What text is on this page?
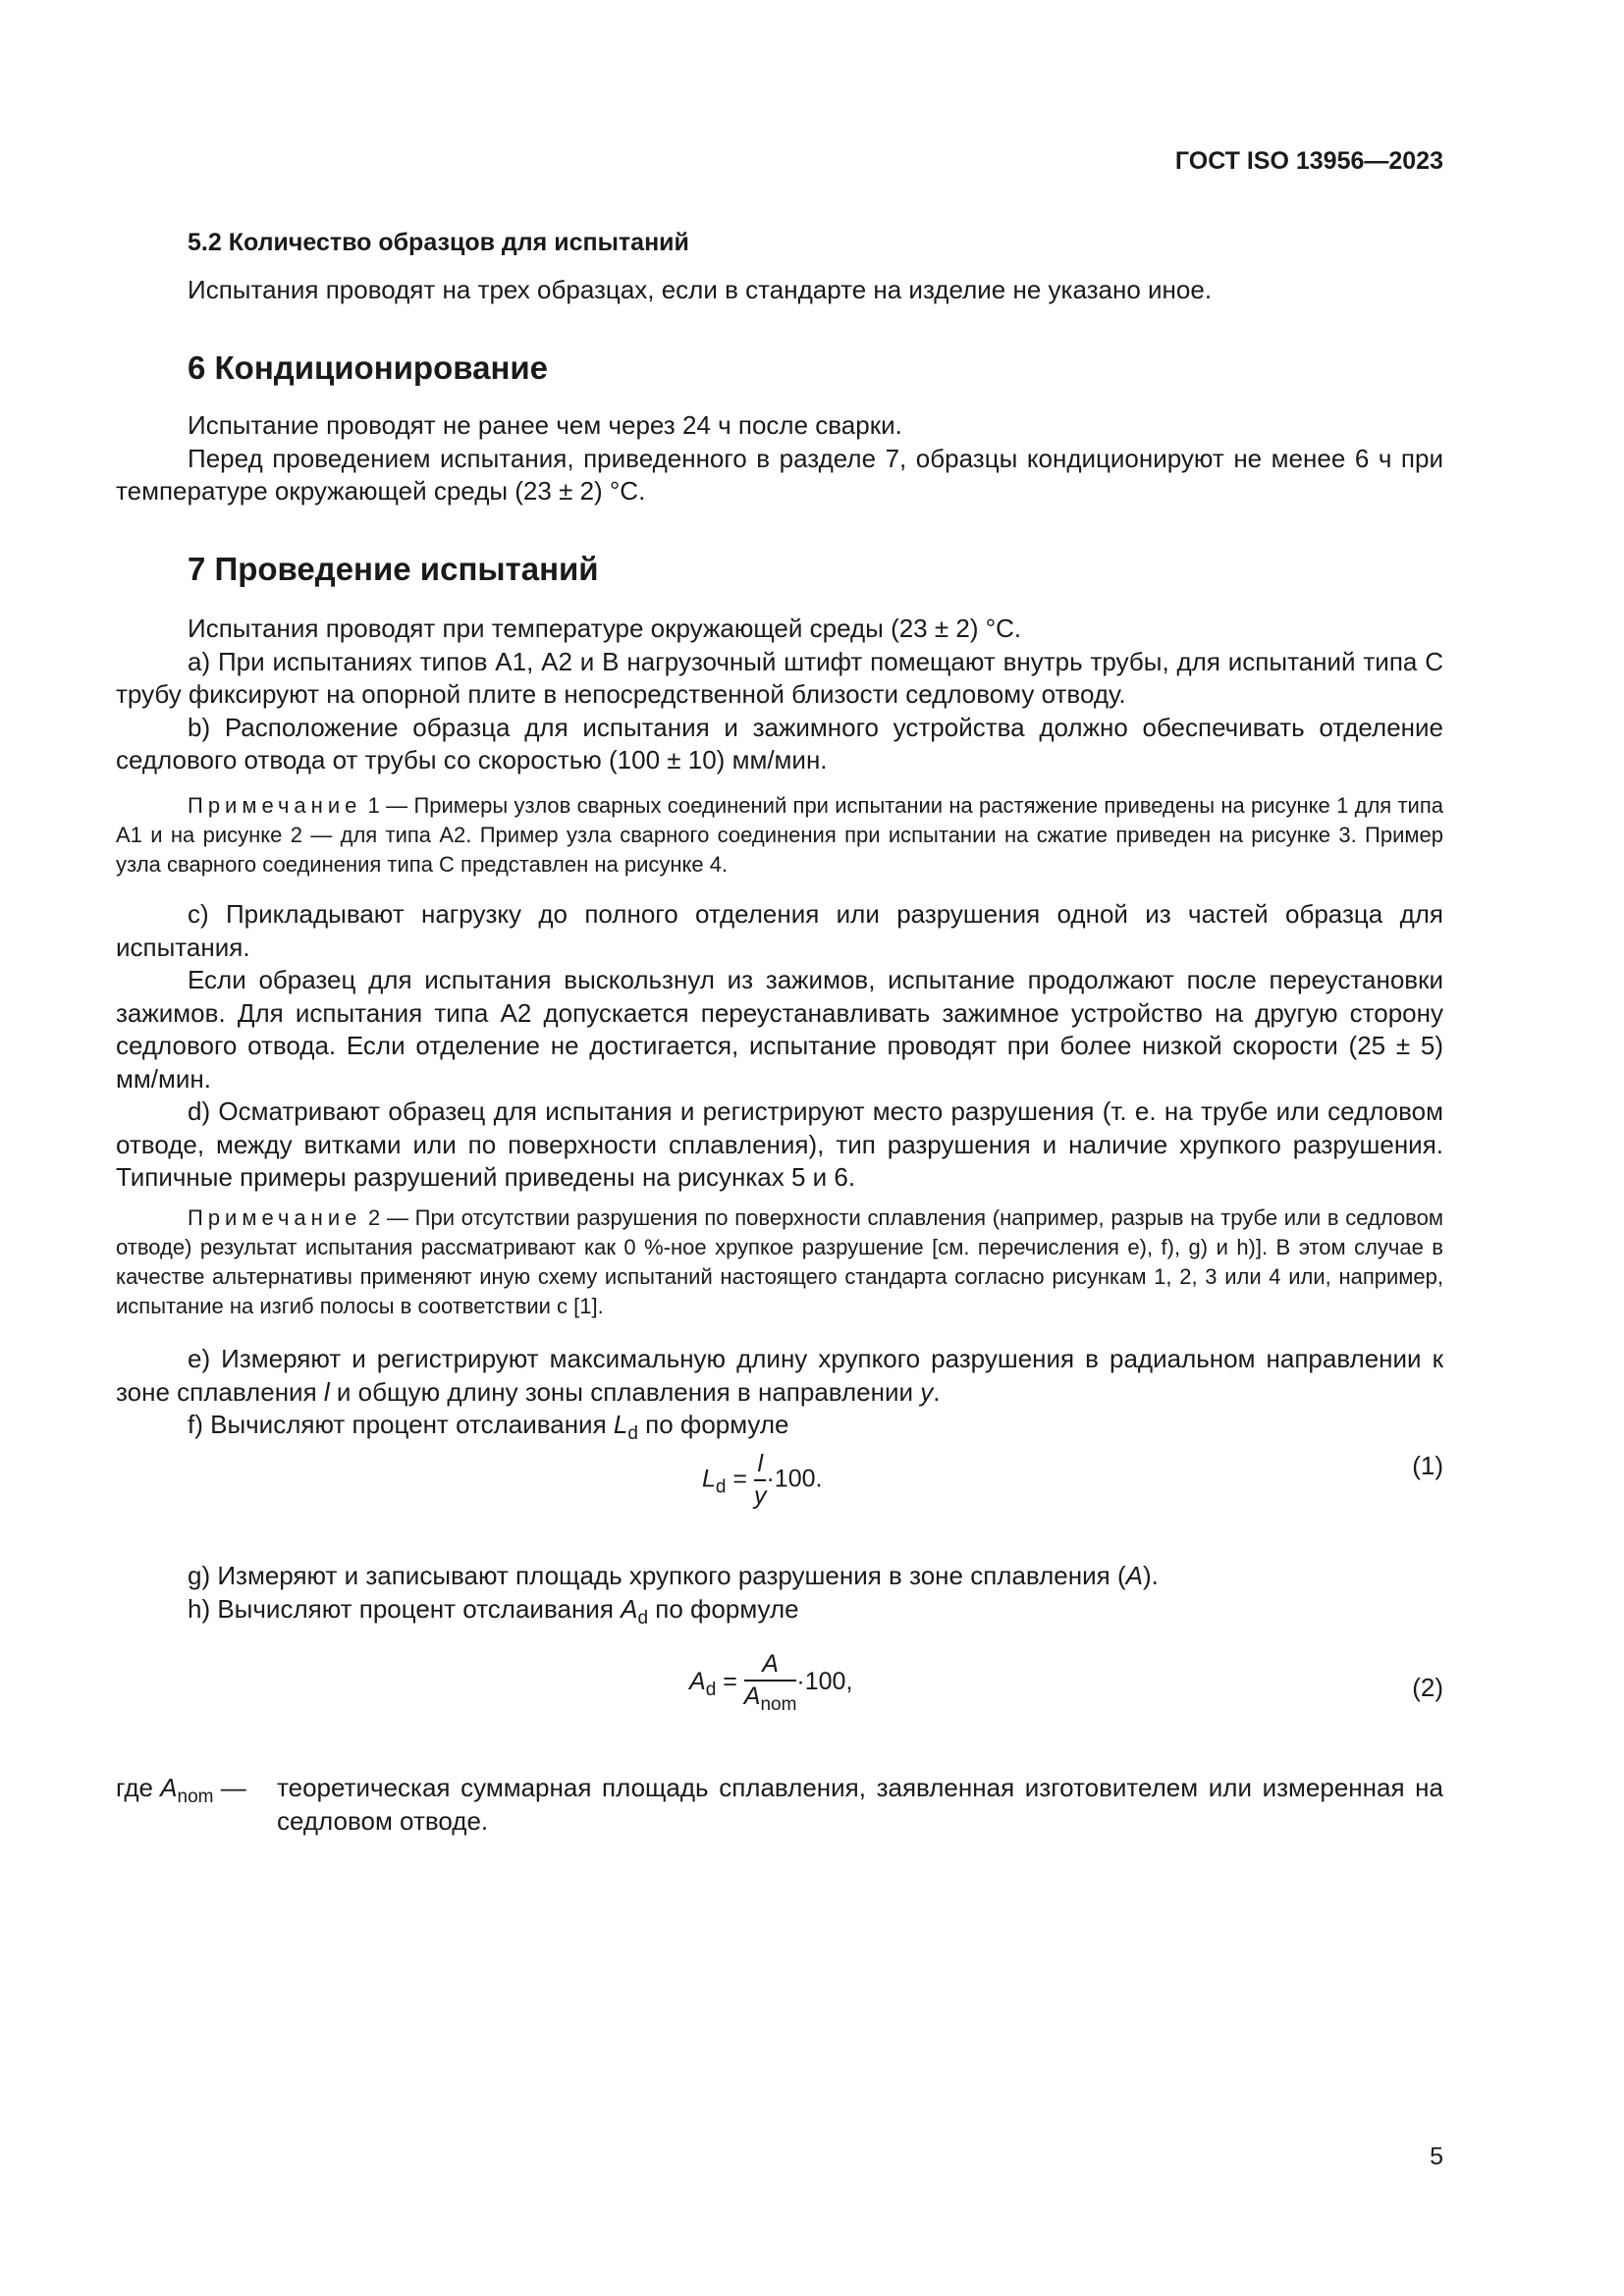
ГОСТ ISO 13956—2023

5.2 Количество образцов для испытаний

Испытания проводят на трех образцах, если в стандарте на изделие не указано иное.

6 Кондиционирование

Испытание проводят не ранее чем через 24 ч после сварки.

Перед проведением испытания, приведенного в разделе 7, образцы кондиционируют не менее 6 ч при температуре окружающей среды (23 ± 2) °С.

7 Проведение испытаний

Испытания проводят при температуре окружающей среды (23 ± 2) °С.

a) При испытаниях типов А1, А2 и В нагрузочный штифт помещают внутрь трубы, для испытаний типа С трубу фиксируют на опорной плите в непосредственной близости седловому отводу.

b) Расположение образца для испытания и зажимного устройства должно обеспечивать отделение седлового отвода от трубы со скоростью (100 ± 10) мм/мин.

Примечание 1 — Примеры узлов сварных соединений при испытании на растяжение приведены на рисунке 1 для типа А1 и на рисунке 2 — для типа А2. Пример узла сварного соединения при испытании на сжатие приведен на рисунке 3. Пример узла сварного соединения типа С представлен на рисунке 4.

c) Прикладывают нагрузку до полного отделения или разрушения одной из частей образца для испытания.

Если образец для испытания выскользнул из зажимов, испытание продолжают после переустановки зажимов. Для испытания типа А2 допускается переустанавливать зажимное устройство на другую сторону седлового отвода. Если отделение не достигается, испытание проводят при более низкой скорости (25 ± 5) мм/мин.

d) Осматривают образец для испытания и регистрируют место разрушения (т. е. на трубе или седловом отводе, между витками или по поверхности сплавления), тип разрушения и наличие хрупкого разрушения. Типичные примеры разрушений приведены на рисунках 5 и 6.

Примечание 2 — При отсутствии разрушения по поверхности сплавления (например, разрыв на трубе или в седловом отводе) результат испытания рассматривают как 0 %-ное хрупкое разрушение [см. перечисления е), f), g) и h)]. В этом случае в качестве альтернативы применяют иную схему испытаний настоящего стандарта согласно рисункам 1, 2, 3 или 4 или, например, испытание на изгиб полосы в соответствии с [1].

e) Измеряют и регистрируют максимальную длину хрупкого разрушения в радиальном направлении к зоне сплавления l и общую длину зоны сплавления в направлении y.

f) Вычисляют процент отслаивания $L_d$ по формуле

$L_d = \frac{l}{y} \cdot 100$.	(1)

g) Измеряют и записывают площадь хрупкого разрушения в зоне сплавления (A).

h) Вычисляют процент отслаивания $A_d$ по формуле

$A_d = \frac{A}{A_{nom}} \cdot 100$,	(2)
где $A_{nom}$ —	теоретическая суммарная площадь сплавления, заявленная изготовителем или измеренная на седловом отводе.
5
